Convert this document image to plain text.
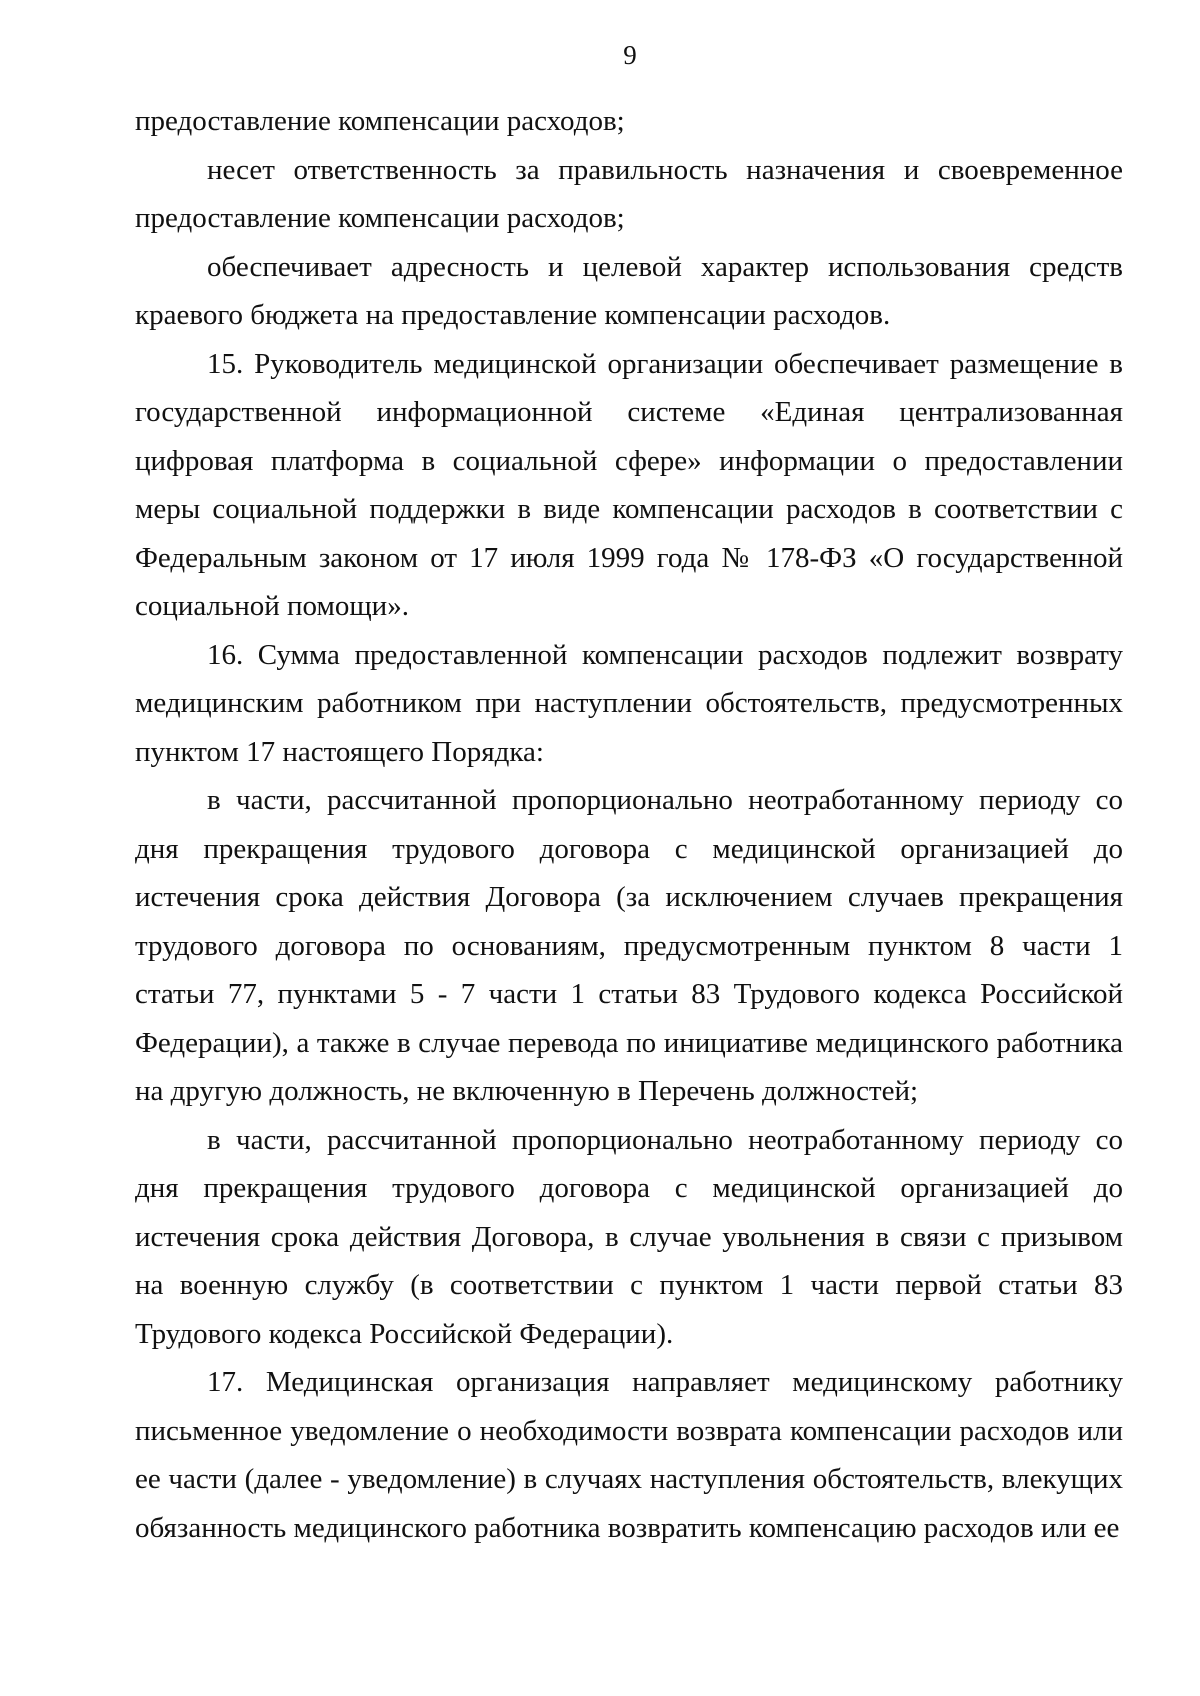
9

предоставление компенсации расходов;

несет ответственность за правильность назначения и своевременное предоставление компенсации расходов;

обеспечивает адресность и целевой характер использования средств краевого бюджета на предоставление компенсации расходов.

15. Руководитель медицинской организации обеспечивает размещение в государственной информационной системе «Единая централизованная цифровая платформа в социальной сфере» информации о предоставлении меры социальной поддержки в виде компенсации расходов в соответствии с Федеральным законом от 17 июля 1999 года № 178-ФЗ «О государственной социальной помощи».

16. Сумма предоставленной компенсации расходов подлежит возврату медицинским работником при наступлении обстоятельств, предусмотренных пунктом 17 настоящего Порядка:

в части, рассчитанной пропорционально неотработанному периоду со дня прекращения трудового договора с медицинской организацией до истечения срока действия Договора (за исключением случаев прекращения трудового договора по основаниям, предусмотренным пунктом 8 части 1 статьи 77, пунктами 5 - 7 части 1 статьи 83 Трудового кодекса Российской Федерации), а также в случае перевода по инициативе медицинского работника на другую должность, не включенную в Перечень должностей;

в части, рассчитанной пропорционально неотработанному периоду со дня прекращения трудового договора с медицинской организацией до истечения срока действия Договора, в случае увольнения в связи с призывом на военную службу (в соответствии с пунктом 1 части первой статьи 83 Трудового кодекса Российской Федерации).

17. Медицинская организация направляет медицинскому работнику письменное уведомление о необходимости возврата компенсации расходов или ее части (далее - уведомление) в случаях наступления обстоятельств, влекущих обязанность медицинского работника возвратить компенсацию расходов или ее
